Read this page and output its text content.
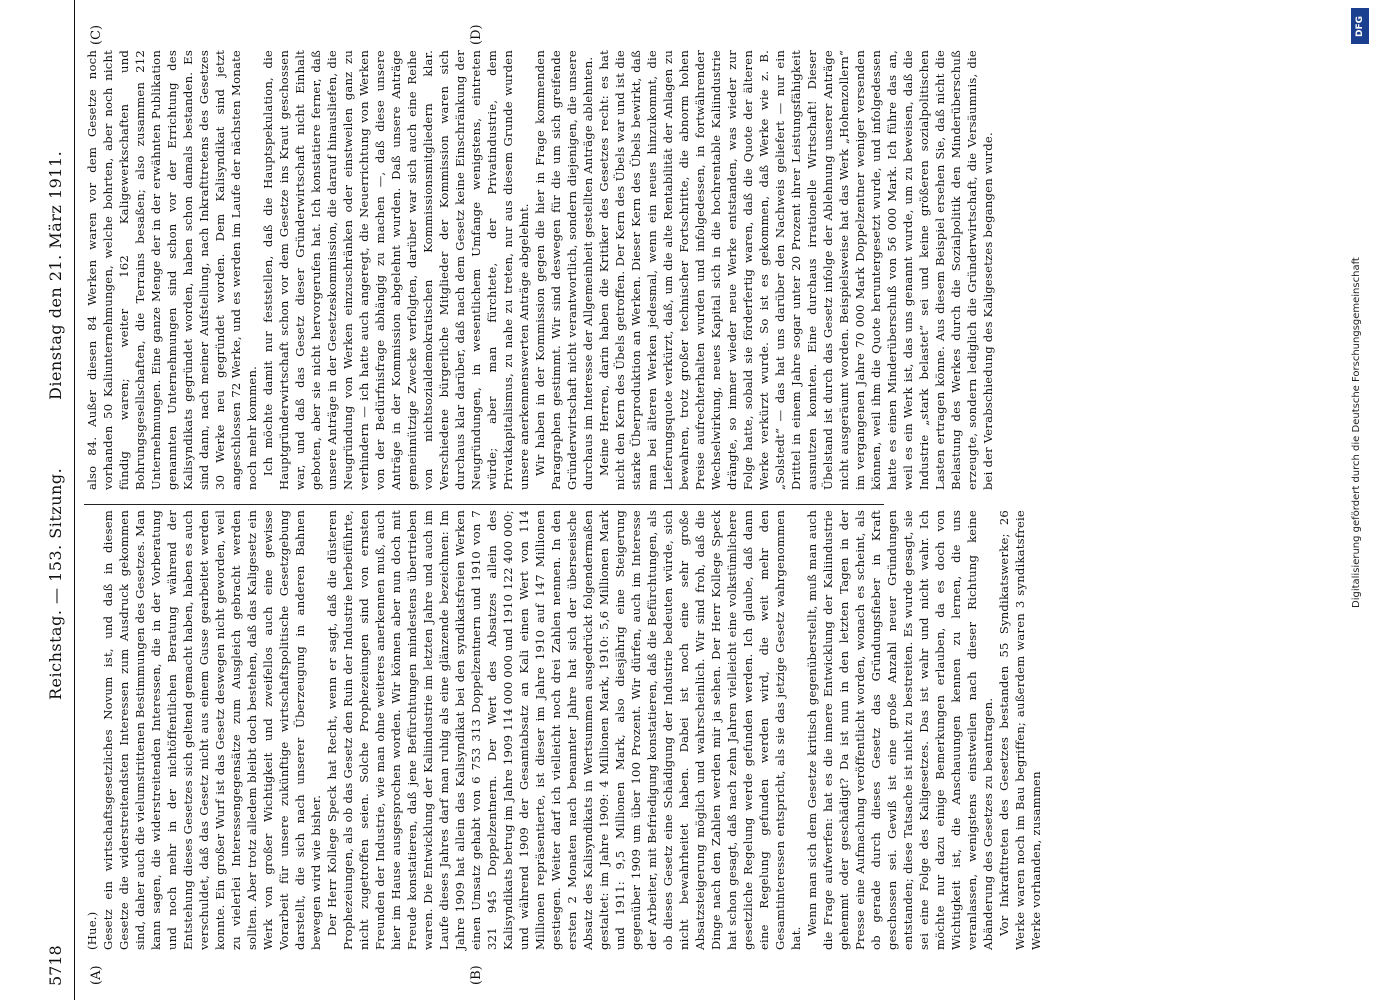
5718
Reichstag. — 153. Sitzung.
Dienstag den 21. März 1911.
(A)	(B)
(C)	(D)

(Hue.) Gesetz ein wirtschaftsgesetzliches Novum ist, und daß in diesem Gesetze die widerstreitendsten Interessen zum Ausdruck gekommen sind, daher auch die vielumstrittenen Bestimmungen des Gesetzes. Man kann sagen, die widerstreitenden Interessen, die in der Vorberatung und noch mehr in der nichtöffentlichen Beratung während der Entstehung dieses Gesetzes sich geltend gemacht haben, haben es auch verschuldet, daß das Gesetz nicht aus einem Gusse gearbeitet werden konnte. Ein großer Wurf ist das Gesetz deswegen nicht geworden, weil zu vielerlei Interessengegensätze zum Ausgleich gebracht werden sollten. Aber trotz alledem bleibt doch bestehen, daß das Kaligesetz ein Werk von großer Wichtigkeit und zweifellos auch eine gewisse Vorarbeit für unsere zukünftige wirtschaftspolitische Gesetzgebung darstellt, die sich nach unserer Überzeugung in anderen Bahnen bewegen wird wie bisher. Der Herr Kollege Speck hat Recht, wenn er sagt, daß die düsteren Prophezeiungen, als ob das Gesetz den Ruin der Industrie herbeiführte, nicht zugetroffen seien. Solche Prophezeiungen sind von ernsten Freunden der Industrie, wie man ohne weiteres anerkennen muß, auch hier im Hause ausgesprochen worden. Wir können aber nun doch mit Freude konstatieren, daß jene Befürchtungen mindestens übertrieben waren. Die Entwicklung der Kaliindustrie im letzten Jahre und auch im Laufe dieses Jahres darf man ruhig als eine glänzende bezeichnen: Im Jahre 1909 hat allein das Kalisyndikat bei den syndikatsfreien Werken einen Umsatz gehabt von 6 753 313 Doppelzentnern und 1910 von 7 321 945 Doppelzentnern. Der Wert des Absatzes allein des Kalisyndikats betrug im Jahre 1909 114 000 000 und 1910 122 400 000; und während 1909 der Gesamtabsatz an Kali einen Wert von 114 Millionen repräsentierte, ist dieser im Jahre 1910 auf 147 Millionen gestiegen. Weiter darf ich vielleicht noch drei Zahlen nennen. In den ersten 2 Monaten nach benannter Jahre hat sich der überseeische Absatz des Kalisyndikats in Wertsummen ausgedrückt folgendermaßen gestaltet: im Jahre 1909: 4 Millionen Mark, 1910: 5,6 Millionen Mark und 1911: 9,5 Millionen Mark, also diesjährig eine Steigerung gegenüber 1909 um über 100 Prozent. Wir dürfen, auch im Interesse der Arbeiter, mit Befriedigung konstatieren, daß die Befürchtungen, als ob dieses Gesetz eine Schädigung der Industrie bedeuten würde, sich nicht bewahrheitet haben. Dabei ist noch eine sehr große Absatzsteigerung möglich und wahrscheinlich. Wir sind froh, daß die Dinge nach den Zahlen werden mir ja sehen. Der Herr Kollege Speck hat schon gesagt, daß nach zehn Jahren vielleicht eine volkstümlichere gesetzliche Regelung werde gefunden werden. Ich glaube, daß dann eine Regelung gefunden werden wird, die weit mehr den Gesamtinteressen entspricht, als sie das jetzige Gesetz wahrgenommen hat.

Wenn man sich dem Gesetze kritisch gegenüberstellt, muß man auch die Frage aufwerfen: hat es die innere Entwicklung der Kaliindustrie gehemmt oder geschädigt? Da ist nun in den letzten Tagen in der Presse eine Aufmachung veröffentlicht worden, wonach es scheint, als ob gerade durch dieses Gesetz das Gründungsfieber in Kraft geschossen sei. Gewiß ist eine große Anzahl neuer Gründungen entstanden; diese Tatsache ist nicht zu bestreiten. Es wurde gesagt, sie sei eine Folge des Kaligesetzes. Das ist wahr und nicht wahr. Ich möchte nur dazu einige Bemerkungen erlauben, da es doch von Wichtigkeit ist, die Anschauungen kennen zu lernen, die uns veranlassen, wenigstens einstweilen nach dieser Richtung keine Abänderung des Gesetzes zu beantragen. Vor Inkrafttreten des Gesetzes bestanden 55 Syndikatswerke; 26 Werke waren noch im Bau begriffen; außerdem waren 3 syndikatsfreie Werke vorhanden, zusammen

also 84. Außer diesen 84 Werken waren vor dem Gesetze noch vorhanden 50 Kaliunternehmungen, welche bohrten, aber noch nicht fündig waren; weiter 162 Kaligewerkschaften und Bohrungsgesellschaften, die Terrains besaßen; also zusammen 212 Unternehmungen. Eine ganze Menge der in der erwähnten Publikation genannten Unternehmungen sind schon vor der Errichtung des Kalisyndikats gegründet worden, haben schon damals bestanden. Es sind dann, nach meiner Aufstellung, nach Inkrafttretens des Gesetzes 30 Werke neu gegründet worden. Dem Kalisyndikat sind jetzt angeschlossen 72 Werke, und es werden im Laufe der nächsten Monate noch mehr kommen. Ich möchte damit nur feststellen, daß die Hauptspekulation, die Hauptgründerwirtschaft schon vor dem Gesetze ins Kraut geschossen war, und daß das Gesetz dieser Gründerwirtschaft nicht Einhalt geboten, aber sie nicht hervorgerufen hat. Ich konstatiere ferner, daß unsere Anträge in der Gesetzeskommission, die darauf hinausliefen, die Neugründung von Werken einzuschränken oder einstweilen ganz zu verhindern — ich hatte auch angeregt, die Neuerrichtung von Werken von der Bedürfnisfrage abhängig zu machen —, daß diese unsere Anträge in der Kommission abgelehnt wurden. Daß unsere Anträge gemeinnützige Zwecke verfolgten, darüber war sich auch eine Reihe von nichtsozialdemokratischen Kommissionsmitgliedern klar. Verschiedene bürgerliche Mitglieder der Kommission waren sich durchaus klar darüber, daß nach dem Gesetz keine Einschränkung der Neugründungen, in wesentlichem Umfange wenigstens, eintreten würde; aber man fürchtete, der Privatindustrie, dem Privatkapitalismus, zu nahe zu treten, nur aus diesem Grunde wurden unsere anerkennenswerten Anträge abgelehnt. Wir haben in der Kommission gegen die hier in Frage kommenden Paragraphen gestimmt. Wir sind deswegen für die um sich greifende Gründerwirtschaft nicht verantwortlich, sondern diejenigen, die unsere durchaus im Interesse der Allgemeinheit gestellten Anträge ablehnten. Meine Herren, darin haben die Kritiker des Gesetzes recht: es hat nicht den Kern des Übels getroffen. Der Kern des Übels war und ist die starke Überproduktion an Werken. Dieser Kern des Übels bewirkt, daß man bei älteren Werken jedesmal, wenn ein neues hinzukommt, die Lieferungsquote verkürzt, daß, um die alte Rentabilität der Anlagen zu bewahren, trotz großer technischer Fortschritte, die abnorm hohen Preise aufrechterhalten wurden und infolgedessen, in fortwährender Wechselwirkung, neues Kapital sich in die hochrentable Kaliindustrie drängte, so immer wieder neue Werke entstanden, was wieder zur Folge hatte, sobald sie förderfertig waren, daß die Quote der älteren Werke verkürzt wurde. So ist es gekommen, daß Werke wie z. B. „Solstedt“ — das hat uns darüber den Nachweis geliefert — nur ein Drittel in einem Jahre sogar unter 20 Prozent ihrer Leistungsfähigkeit ausnutzen konnten. Eine durchaus irrationelle Wirtschaft! Dieser Übelstand ist durch das Gesetz infolge der Ablehnung unserer Anträge nicht ausgeräumt worden. Beispielsweise hat das Werk „Hohenzollern“ im vergangenen Jahre 70 000 Mark Doppelzentner weniger versenden können, weil ihm die Quote heruntergesetzt wurde, und infolgedessen hatte es einen Minderüberschuß von 56 000 Mark. Ich führe das an, weil es ein Werk ist, das uns genannt wurde, um zu beweisen, daß die Industrie „stark belastet“ sei und keine größeren sozialpolitischen Lasten ertragen könne. Aus diesem Beispiel ersehen Sie, daß nicht die Belastung des Werkes durch die Sozialpolitik den Minderüberschuß erzeugte, sondern lediglich die Gründerwirtschaft, die Versäumnis, die bei der Verabschiedung des Kaligesetzes begangen wurde.

DFG
Digitalisierung gefördert durch die Deutsche Forschungsgemeinschaft
